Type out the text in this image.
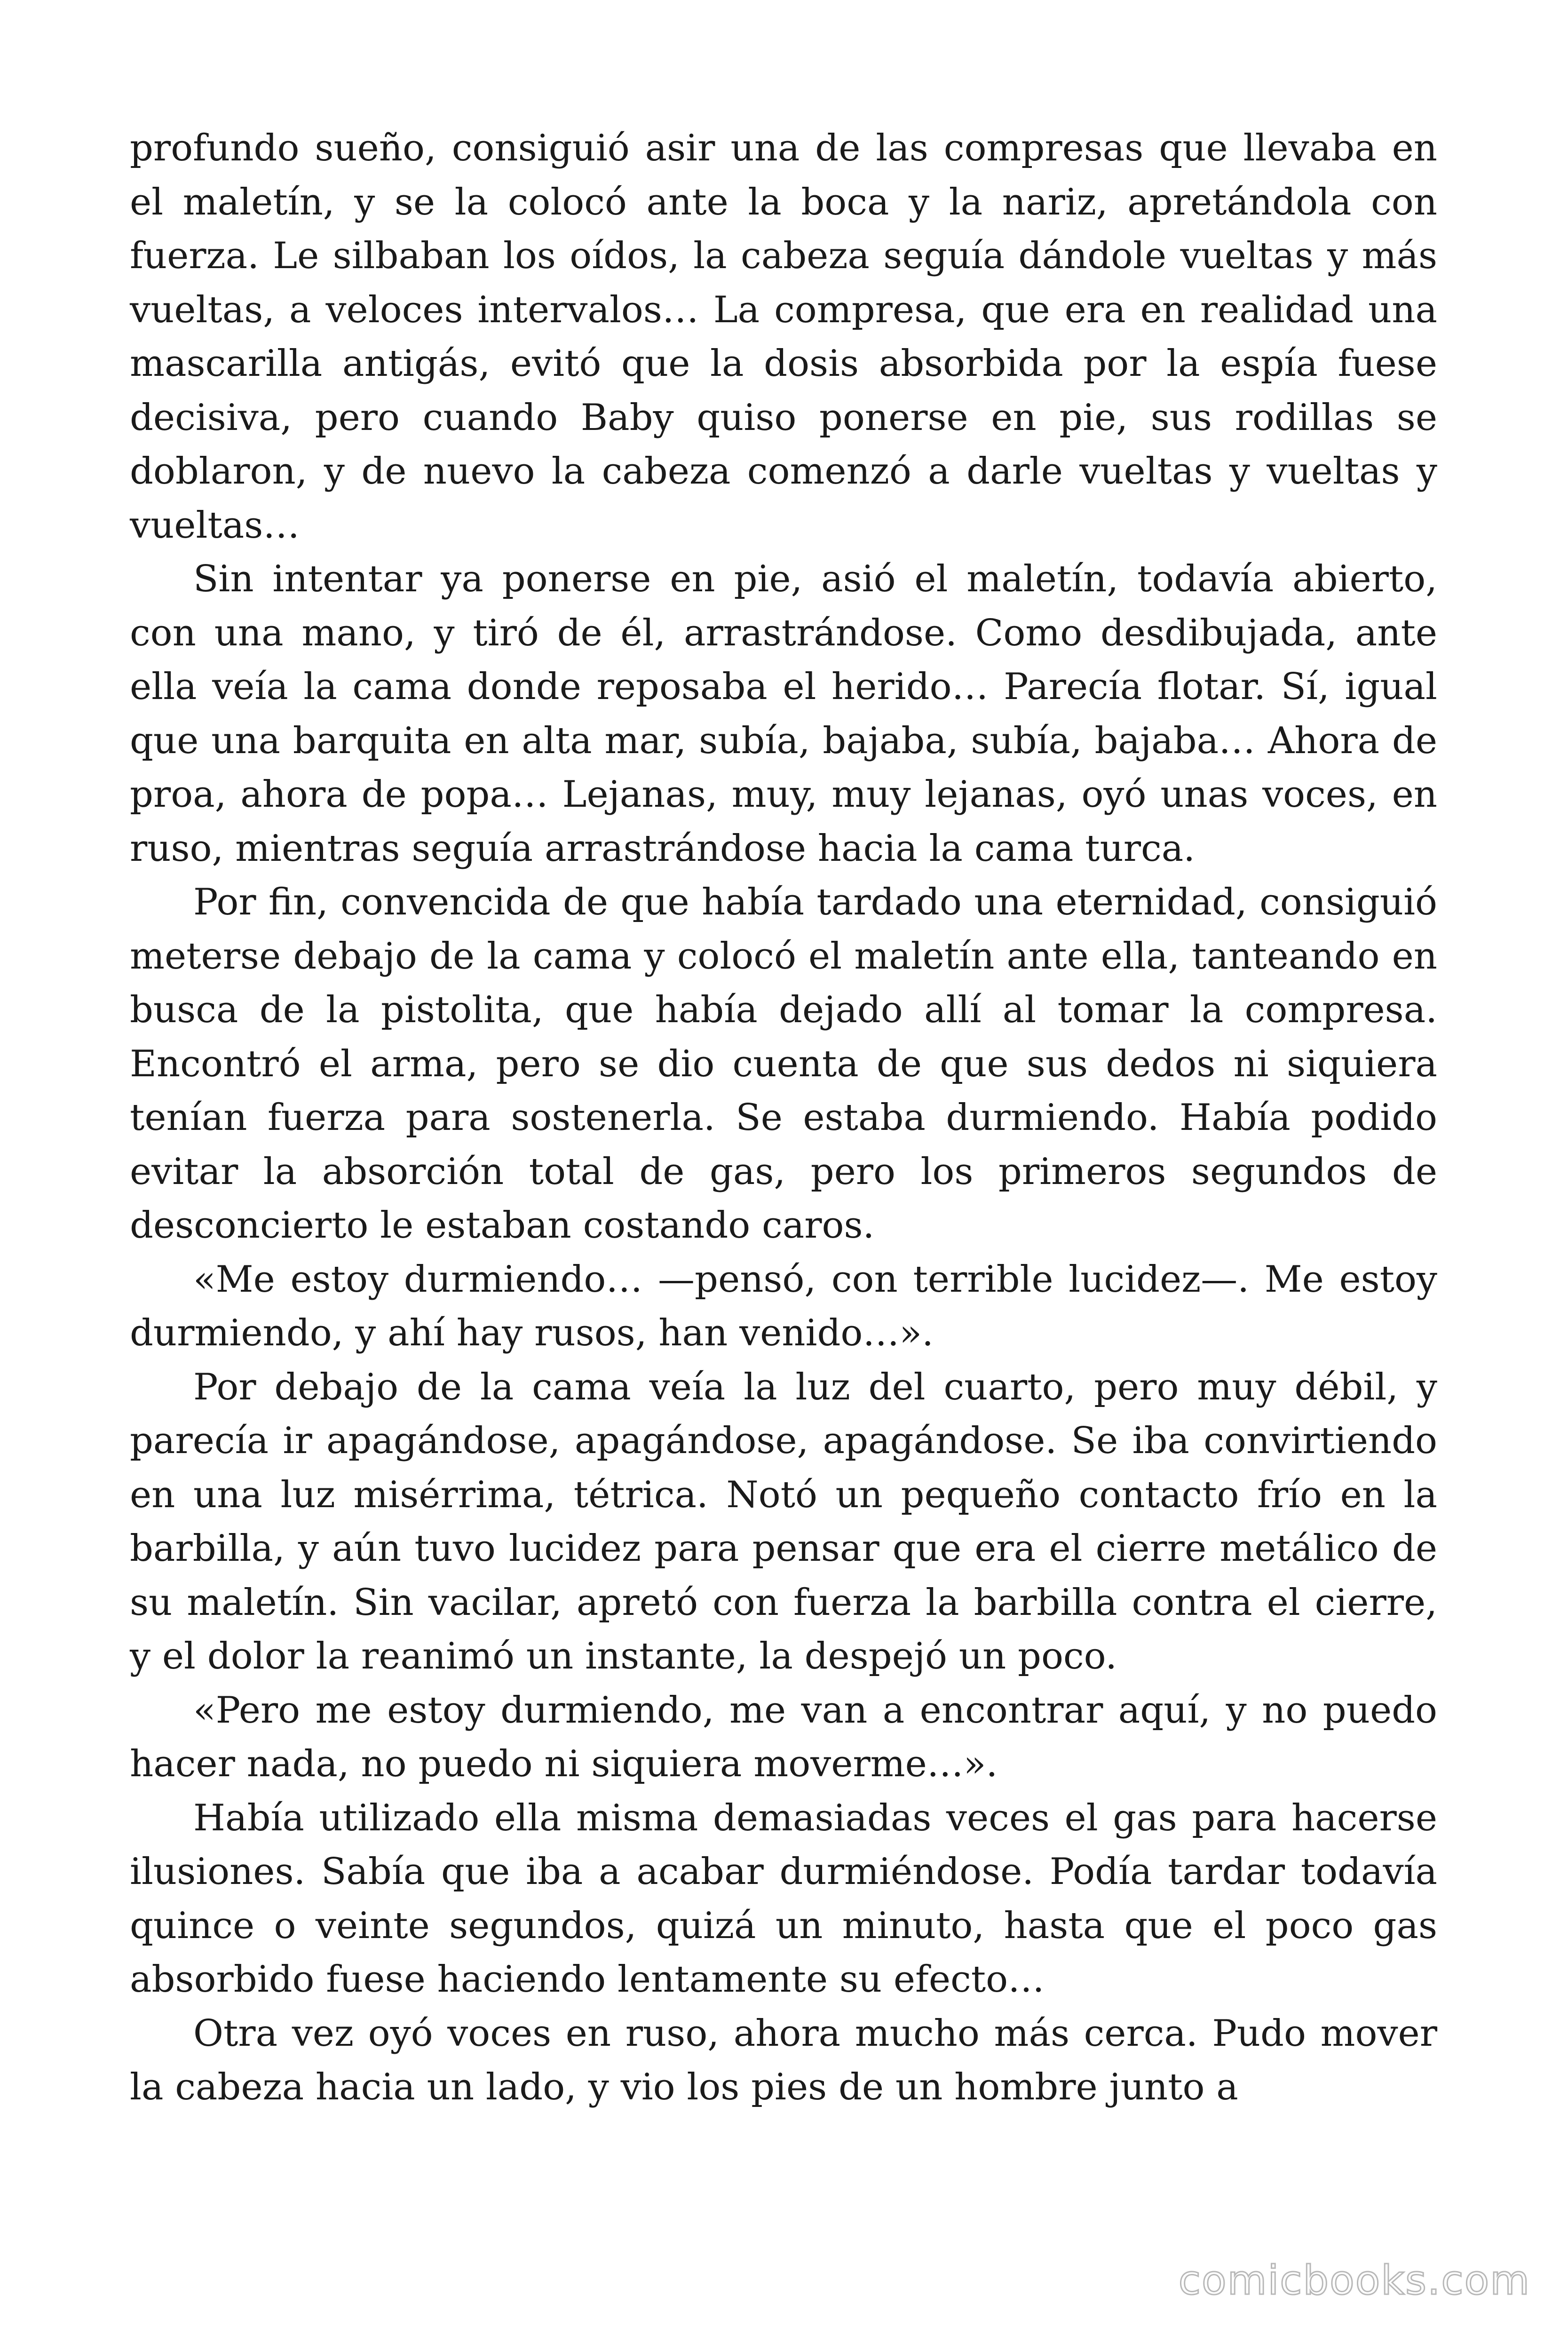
profundo sueño, consiguió asir una de las compresas que llevaba en el maletín, y se la colocó ante la boca y la nariz, apretándola con fuerza. Le silbaban los oídos, la cabeza seguía dándole vueltas y más vueltas, a veloces intervalos… La compresa, que era en realidad una mascarilla antigás, evitó que la dosis absorbida por la espía fuese decisiva, pero cuando Baby quiso ponerse en pie, sus rodillas se doblaron, y de nuevo la cabeza comenzó a darle vueltas y vueltas y vueltas…

Sin intentar ya ponerse en pie, asió el maletín, todavía abierto, con una mano, y tiró de él, arrastrándose. Como desdibujada, ante ella veía la cama donde reposaba el herido… Parecía flotar. Sí, igual que una barquita en alta mar, subía, bajaba, subía, bajaba… Ahora de proa, ahora de popa… Lejanas, muy, muy lejanas, oyó unas voces, en ruso, mientras seguía arrastrándose hacia la cama turca.

Por fin, convencida de que había tardado una eternidad, consiguió meterse debajo de la cama y colocó el maletín ante ella, tanteando en busca de la pistolita, que había dejado allí al tomar la compresa. Encontró el arma, pero se dio cuenta de que sus dedos ni siquiera tenían fuerza para sostenerla. Se estaba durmiendo. Había podido evitar la absorción total de gas, pero los primeros segundos de desconcierto le estaban costando caros.

«Me estoy durmiendo… —pensó, con terrible lucidez—. Me estoy durmiendo, y ahí hay rusos, han venido…».

Por debajo de la cama veía la luz del cuarto, pero muy débil, y parecía ir apagándose, apagándose, apagándose. Se iba convirtiendo en una luz misérrima, tétrica. Notó un pequeño contacto frío en la barbilla, y aún tuvo lucidez para pensar que era el cierre metálico de su maletín. Sin vacilar, apretó con fuerza la barbilla contra el cierre, y el dolor la reanimó un instante, la despejó un poco.

«Pero me estoy durmiendo, me van a encontrar aquí, y no puedo hacer nada, no puedo ni siquiera moverme…».

Había utilizado ella misma demasiadas veces el gas para hacerse ilusiones. Sabía que iba a acabar durmiéndose. Podía tardar todavía quince o veinte segundos, quizá un minuto, hasta que el poco gas absorbido fuese haciendo lentamente su efecto…

Otra vez oyó voces en ruso, ahora mucho más cerca. Pudo mover la cabeza hacia un lado, y vio los pies de un hombre junto a

comicbooks.com
